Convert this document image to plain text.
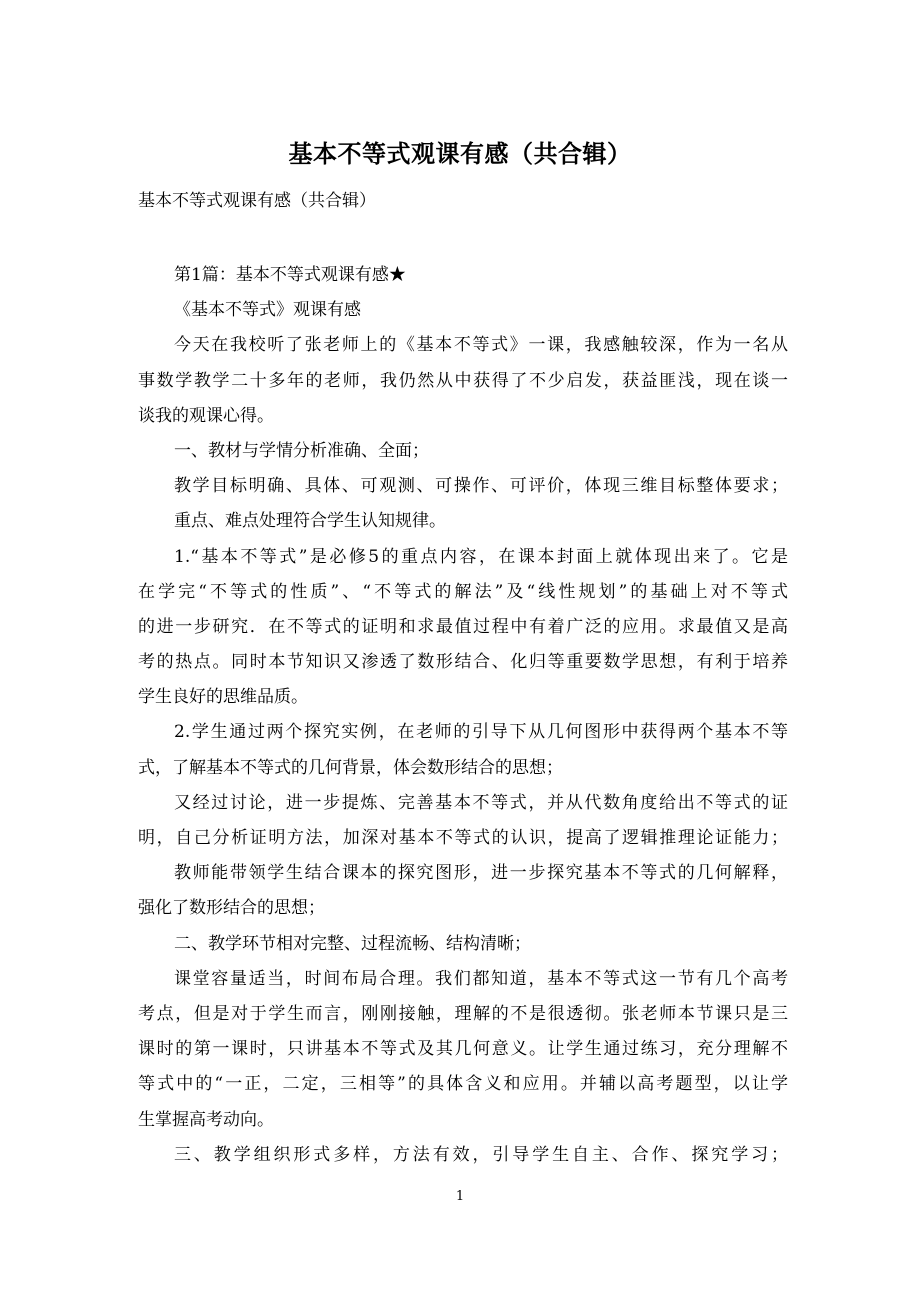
基本不等式观课有感（共合辑）
基本不等式观课有感（共合辑）
第1篇：基本不等式观课有感★
《基本不等式》观课有感
今天在我校听了张老师上的《基本不等式》一课，我感触较深，作为一名从
事数学教学二十多年的老师，我仍然从中获得了不少启发，获益匪浅，现在谈一
谈我的观课心得。
一、教材与学情分析准确、全面；
教学目标明确、具体、可观测、可操作、可评价，体现三维目标整体要求；
重点、难点处理符合学生认知规律。
1.“基本不等式”是必修5的重点内容，在课本封面上就体现出来了。它是
在学完“不等式的性质”、“不等式的解法”及“线性规划”的基础上对不等式
的进一步研究．在不等式的证明和求最值过程中有着广泛的应用。求最值又是高
考的热点。同时本节知识又渗透了数形结合、化归等重要数学思想，有利于培养
学生良好的思维品质。
2.学生通过两个探究实例，在老师的引导下从几何图形中获得两个基本不等
式，了解基本不等式的几何背景，体会数形结合的思想；
又经过讨论，进一步提炼、完善基本不等式，并从代数角度给出不等式的证
明，自己分析证明方法，加深对基本不等式的认识，提高了逻辑推理论证能力；
教师能带领学生结合课本的探究图形，进一步探究基本不等式的几何解释，
强化了数形结合的思想；
二、教学环节相对完整、过程流畅、结构清晰；
课堂容量适当，时间布局合理。我们都知道，基本不等式这一节有几个高考
考点，但是对于学生而言，刚刚接触，理解的不是很透彻。张老师本节课只是三
课时的第一课时，只讲基本不等式及其几何意义。让学生通过练习，充分理解不
等式中的“一正，二定，三相等”的具体含义和应用。并辅以高考题型，以让学
生掌握高考动向。
三、教学组织形式多样，方法有效，引导学生自主、合作、探究学习；
1
